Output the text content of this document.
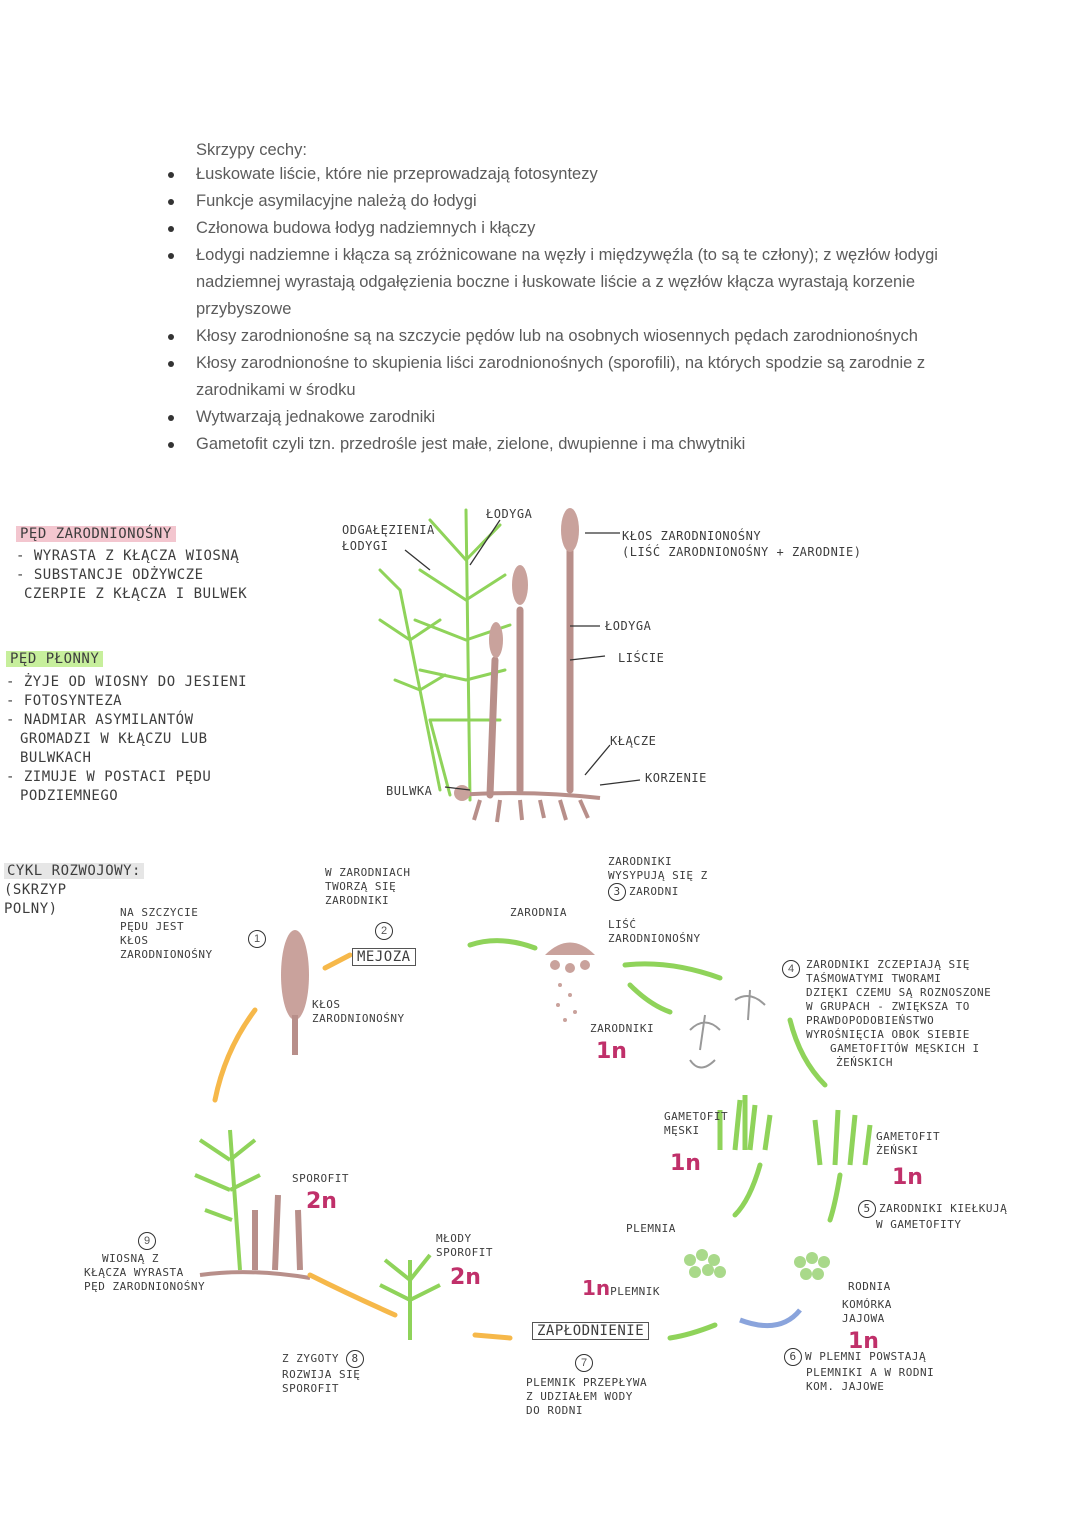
Skrzypy cechy:
Łuskowate liście, które nie przeprowadzają fotosyntezy
Funkcje asymilacyjne należą do łodygi
Członowa budowa łodyg nadziemnych i kłączy
Łodygi nadziemne i kłącza są zróżnicowane na węzły i międzywęźla (to są te człony); z węzłów łodygi nadziemnej wyrastają odgałęzienia boczne i łuskowate liście a z węzłów kłącza wyrastają korzenie przybyszowe
Kłosy zarodnionośne są na szczycie pędów lub na osobnych wiosennych pędach zarodnionośnych
Kłosy zarodnionośne to skupienia liści zarodnionośnych (sporofili), na których spodzie są zarodnie z zarodnikami w środku
Wytwarzają jednakowe zarodniki
Gametofit czyli tzn. przedrośle jest małe, zielone, dwupienne i ma chwytniki
PĘD ZARODNIONOŚNY
- WYRASTA Z KŁĄCZA WIOSNĄ
- SUBSTANCJE ODŻYWCZE
CZERPIE Z KŁĄCZA I BULWEK
PĘD PŁONNY
- ŻYJE OD WIOSNY DO JESIENI
- FOTOSYNTEZA
- NADMIAR ASYMILANTÓW
GROMADZI W KŁĄCZU LUB
BULWKACH
- ZIMUJE W POSTACI PĘDU
PODZIEMNEGO
ODGAŁĘZIENIA
ŁODYGI
ŁODYGA
KŁOS ZARODNIONOŚNY
(LIŚĆ ZARODNIONOŚNY + ZARODNIE)
ŁODYGA
LIŚCIE
KŁĄCZE
KORZENIE
BULWKA
CYKL ROZWOJOWY:
(SKRZYP
POLNY)	NA SZCZYCIE
PĘDU JEST
KŁOS
ZARODNIONOŚNY
1
W ZARODNIACH
TWORZĄ SIĘ
ZARODNIKI
2
MEJOZA
KŁOS
ZARODNIONOŚNY
ZARODNIKI
WYSYPUJĄ SIĘ Z
3 ZARODNI
ZARODNIA
LIŚĆ
ZARODNIONOŚNY
ZARODNIKI
1n
4	ZARODNIKI ZCZEPIAJĄ SIĘ
TAŚMOWATYMI TWORAMI
DZIĘKI CZEMU SĄ ROZNOSZONE
W GRUPACH - ZWIĘKSZA TO
PRAWDOPODOBIEŃSTWO
WYROŚNIĘCIA OBOK SIEBIE
GAMETOFITÓW MĘSKICH I
ŻEŃSKICH
GAMETOFIT
MĘSKI
1n
GAMETOFIT
ŻEŃSKI
1n
5 ZARODNIKI KIEŁKUJĄ
W GAMETOFITY
SPOROFIT
2n
MŁODY
SPOROFIT
2n
PLEMNIA
1nPLEMNIK	RODNIA
KOMÓRKA
JAJOWA
1n
ZAPŁODNIENIE
6 W PLEMNI POWSTAJĄ
PLEMNIKI A W RODNI
KOM. JAJOWE
7
PLEMNIK PRZEPŁYWA
Z UDZIAŁEM WODY
DO RODNI
Z ZYGOTY 8
ROZWIJA SIĘ
SPOROFIT
9
WIOSNĄ Z
KŁĄCZA WYRASTA
PĘD ZARODNIONOŚNY
